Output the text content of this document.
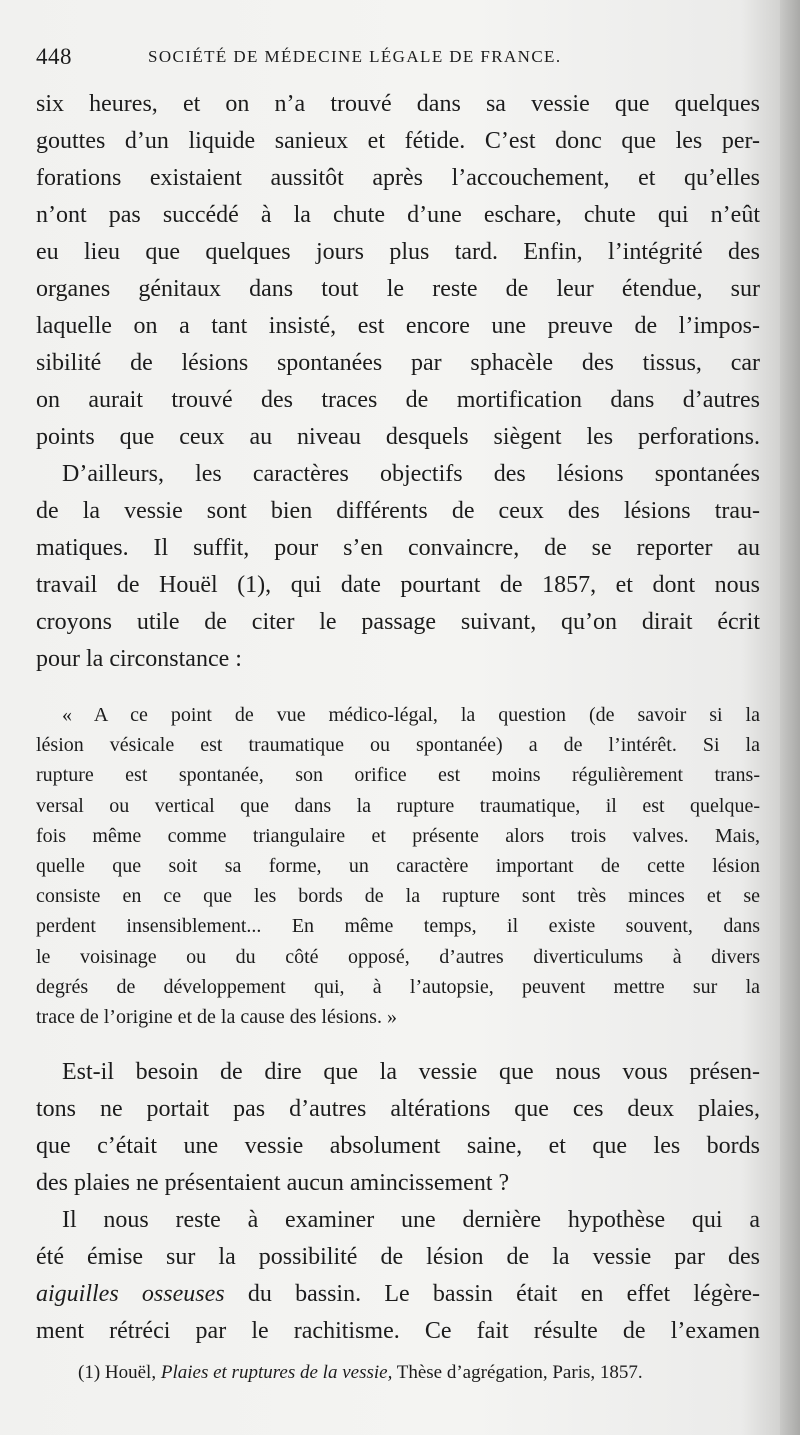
448	SOCIÉTÉ DE MÉDECINE LÉGALE DE FRANCE.
six heures, et on n’a trouvé dans sa vessie que quelques
gouttes d’un liquide sanieux et fétide. C’est donc que les per-
forations existaient aussitôt après l’accouchement, et qu’elles
n’ont pas succédé à la chute d’une eschare, chute qui n’eût
eu lieu que quelques jours plus tard. Enfin, l’intégrité des
organes génitaux dans tout le reste de leur étendue, sur
laquelle on a tant insisté, est encore une preuve de l’impos-
sibilité de lésions spontanées par sphacèle des tissus, car
on aurait trouvé des traces de mortification dans d’autres
points que ceux au niveau desquels siègent les perforations.
D’ailleurs, les caractères objectifs des lésions spontanées
de la vessie sont bien différents de ceux des lésions trau-
matiques. Il suffit, pour s’en convaincre, de se reporter au
travail de Houël (1), qui date pourtant de 1857, et dont nous
croyons utile de citer le passage suivant, qu’on dirait écrit
pour la circonstance :
« A ce point de vue médico-légal, la question (de savoir si la
lésion vésicale est traumatique ou spontanée) a de l’intérêt. Si la
rupture est spontanée, son orifice est moins régulièrement trans-
versal ou vertical que dans la rupture traumatique, il est quelque-
fois même comme triangulaire et présente alors trois valves. Mais,
quelle que soit sa forme, un caractère important de cette lésion
consiste en ce que les bords de la rupture sont très minces et se
perdent insensiblement... En même temps, il existe souvent, dans
le voisinage ou du côté opposé, d’autres diverticulums à divers
degrés de développement qui, à l’autopsie, peuvent mettre sur la
trace de l’origine et de la cause des lésions. »
Est-il besoin de dire que la vessie que nous vous présen-
tons ne portait pas d’autres altérations que ces deux plaies,
que c’était une vessie absolument saine, et que les bords
des plaies ne présentaient aucun amincissement ?
Il nous reste à examiner une dernière hypothèse qui a
été émise sur la possibilité de lésion de la vessie par des
aiguilles osseuses du bassin. Le bassin était en effet légère-
ment rétréci par le rachitisme. Ce fait résulte de l’examen
(1) Houël, Plaies et ruptures de la vessie, Thèse d’agrégation, Paris, 1857.
